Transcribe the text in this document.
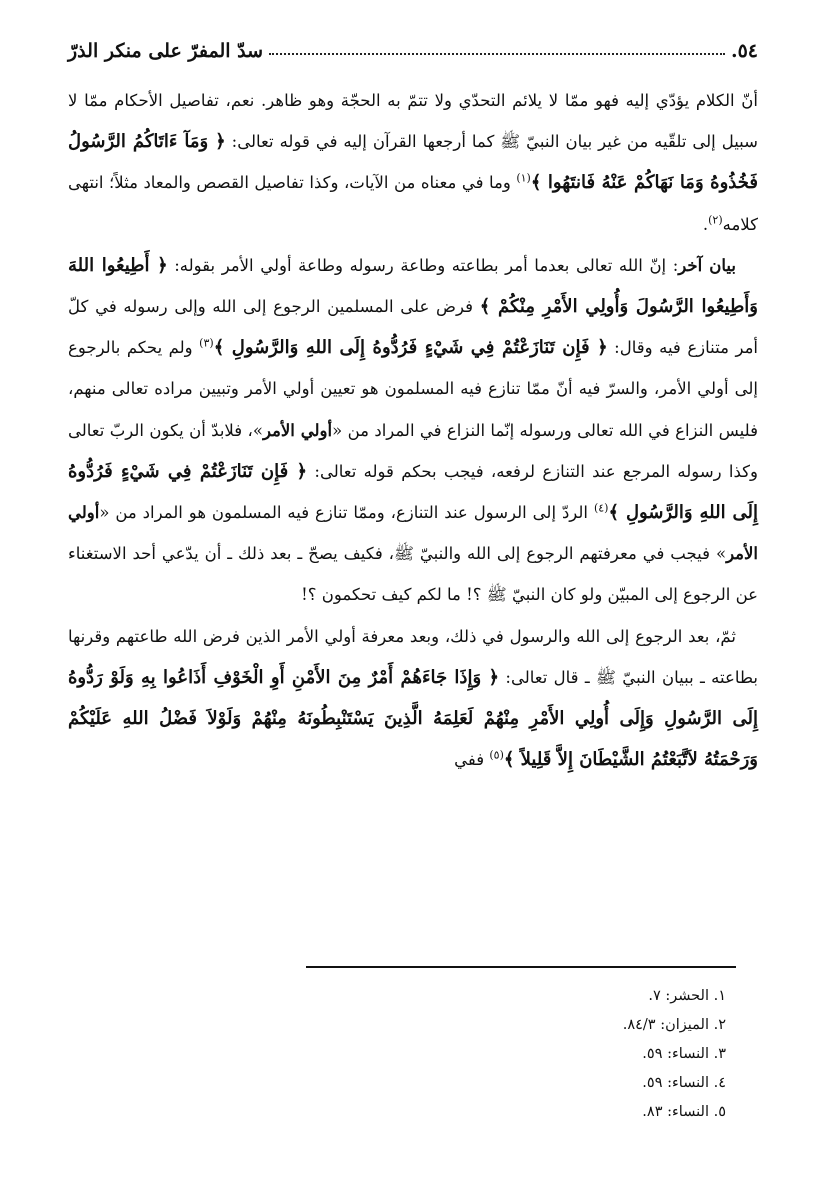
٥٤.
سدّ المفرّ على منكر الذرّ

أنّ الكلام يؤدّي إليه فهو ممّا لا يلائم التحدّي ولا تتمّ به الحجّة وهو ظاهر. نعم، تفاصيل الأحكام ممّا لا سبيل إلى تلقّيه من غير بيان النبيّ ﷺ كما أرجعها القرآن إليه في قوله تعالى: ﴿ وَمَآ ءَاتَاكُمُ الرَّسُولُ فَخُذُوهُ وَمَا نَهَاكُمْ عَنْهُ فَانتَهُوا ﴾$^{(١)}$ وما في معناه من الآيات، وكذا تفاصيل القصص والمعاد مثلاً؛ انتهى كلامه$^{(٢)}$.

بيان آخر: إنّ الله تعالى بعدما أمر بطاعته وطاعة رسوله وطاعة أولي الأمر بقوله: ﴿ أَطِيعُوا اللهَ وَأَطِيعُوا الرَّسُولَ وَأُولِي الأَمْرِ مِنْكُمْ ﴾ فرض على المسلمين الرجوع إلى الله وإلى رسوله في كلّ أمر متنازع فيه وقال: ﴿ فَإِن تَنَازَعْتُمْ فِي شَيْءٍ فَرُدُّوهُ إِلَى اللهِ وَالرَّسُولِ ﴾$^{(٣)}$ ولم يحكم بالرجوع إلى أولي الأمر، والسرّ فيه أنّ ممّا تنازع فيه المسلمون هو تعيين أولي الأمر وتبيين مراده تعالى منهم، فليس النزاع في الله تعالى ورسوله إنّما النزاع في المراد من «أولي الأمر»، فلابدّ أن يكون الربّ تعالى وكذا رسوله المرجع عند التنازع لرفعه، فيجب بحكم قوله تعالى: ﴿ فَإِن تَنَازَعْتُمْ فِي شَيْءٍ فَرُدُّوهُ إِلَى اللهِ وَالرَّسُولِ ﴾$^{(٤)}$ الردّ إلى الرسول عند التنازع، وممّا تنازع فيه المسلمون هو المراد من «أولي الأمر» فيجب في معرفتهم الرجوع إلى الله والنبيّ ﷺ، فكيف يصحّ ـ بعد ذلك ـ أن يدّعي أحد الاستغناء عن الرجوع إلى المبيّن ولو كان النبيّ ﷺ ؟! ما لكم كيف تحكمون ؟!

ثمّ، بعد الرجوع إلى الله والرسول في ذلك، وبعد معرفة أولي الأمر الذين فرض الله طاعتهم وقرنها بطاعته ـ ببيان النبيّ ﷺ ـ قال تعالى: ﴿ وَإِذَا جَاءَهُمْ أَمْرٌ مِنَ الأَمْنِ أَوِ الْخَوْفِ أَذَاعُوا بِهِ وَلَوْ رَدُّوهُ إِلَى الرَّسُولِ وَإِلَى أُولِي الأَمْرِ مِنْهُمْ لَعَلِمَهُ الَّذِينَ يَسْتَنْبِطُونَهُ مِنْهُمْ وَلَوْلاَ فَضْلُ اللهِ عَلَيْكُمْ وَرَحْمَتُهُ لاَتَّبَعْتُمُ الشَّيْطَانَ إِلاَّ قَلِيلاً ﴾$^{(٥)}$ ففي

١. الحشر: ٧.
٢. الميزان: ٨٤/٣.
٣. النساء: ٥٩.
٤. النساء: ٥٩.
٥. النساء: ٨٣.
